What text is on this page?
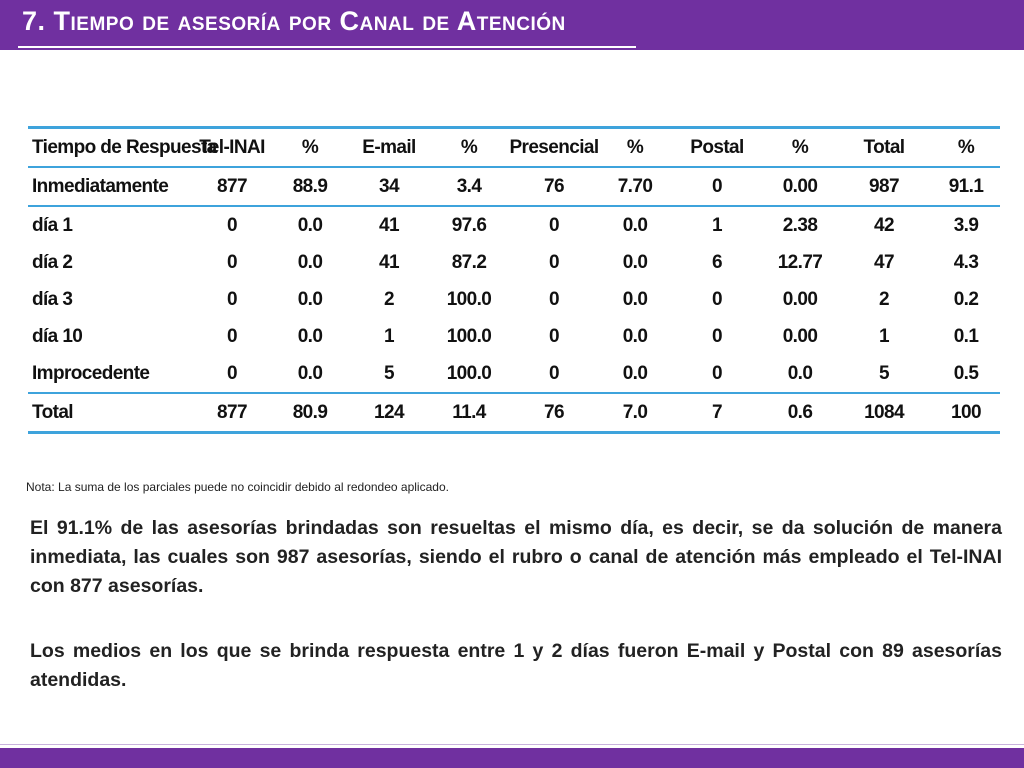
7. Tiempo de asesoría por Canal de Atención
Tiempo de Respuesta	Tel-INAI	%	E-mail	%	Presencial	%	Postal	%	Total	%
Inmediatamente	877	88.9	34	3.4	76	7.70	0	0.00	987	91.1
día 1	0	0.0	41	97.6	0	0.0	1	2.38	42	3.9
día 2	0	0.0	41	87.2	0	0.0	6	12.77	47	4.3
día 3	0	0.0	2	100.0	0	0.0	0	0.00	2	0.2
día 10	0	0.0	1	100.0	0	0.0	0	0.00	1	0.1
Improcedente	0	0.0	5	100.0	0	0.0	0	0.0	5	0.5
Total	877	80.9	124	11.4	76	7.0	7	0.6	1084	100
Nota: La suma de los parciales puede no coincidir debido al redondeo aplicado.

El 91.1% de las asesorías brindadas son resueltas el mismo día, es decir, se da solución de manera inmediata, las cuales son 987 asesorías, siendo el rubro o canal de atención más empleado el Tel-INAI con 877 asesorías.

Los medios en los que se brinda respuesta entre 1 y 2 días fueron E-mail y Postal con 89 asesorías atendidas.
